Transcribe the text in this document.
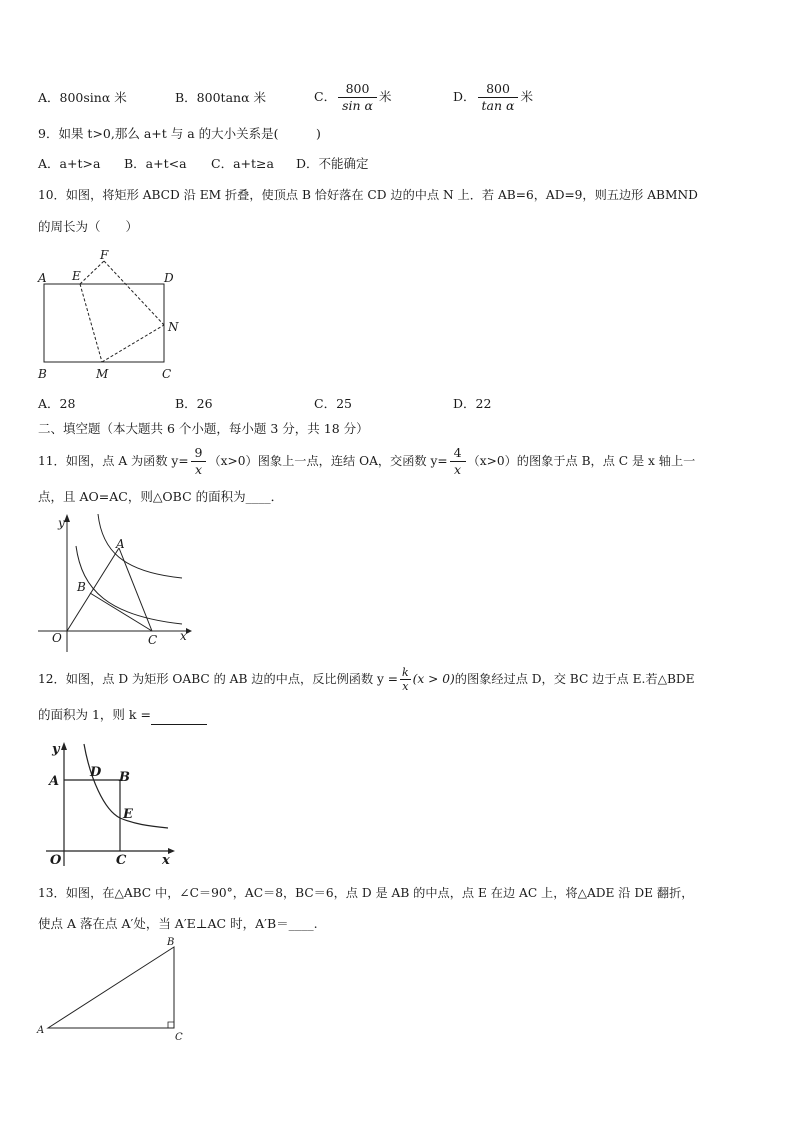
A．800sinα 米	B．800tanα 米	C． $\frac{800}{\text{sin α}}$ 米	D． $\frac{800}{\text{tan α}}$ 米
9．如果 t>0,那么 a+t 与 a 的大小关系是(　　　)
A．a+t>a B．a+t<a C．a+t≥a D．不能确定
10．如图，将矩形 ABCD 沿 EM 折叠，使顶点 B 恰好落在 CD 边的中点 N 上．若 AB=6，AD=9，则五边形 ABMND
的周长为（　　）
A E
F
D
N
B	M	C
A．28	B．26	C．25	D．22
二、填空题（本大题共 6 个小题，每小题 3 分，共 18 分）
11．如图，点 A 为函数 $y= \frac{9}{x} (x>0)$图象上一点，连结 OA，交函数 $y= \frac{4}{x} (x>0)$的图象于点 B，点 C 是 x 轴上一
点，且 AO=AC，则△OBC 的面积为____．
y
x
A
B
O	C
12．如图，点 D 为矩形 OABC 的 AB 边的中点，反比例函数 $y = \frac{k}{x} (x > 0)$的图象经过点 D，交 BC 边于点 E.若△BDE
的面积为 1，则 k =
y
x
A
D B
E
O	C
13．如图，在△ABC 中，∠C＝90°，AC＝8，BC＝6，点 D 是 AB 的中点，点 E 在边 AC 上，将△ADE 沿 DE 翻折，
使点 A 落在点 A′处，当 A′E⊥AC 时，A′B＝____.
A
B
C
